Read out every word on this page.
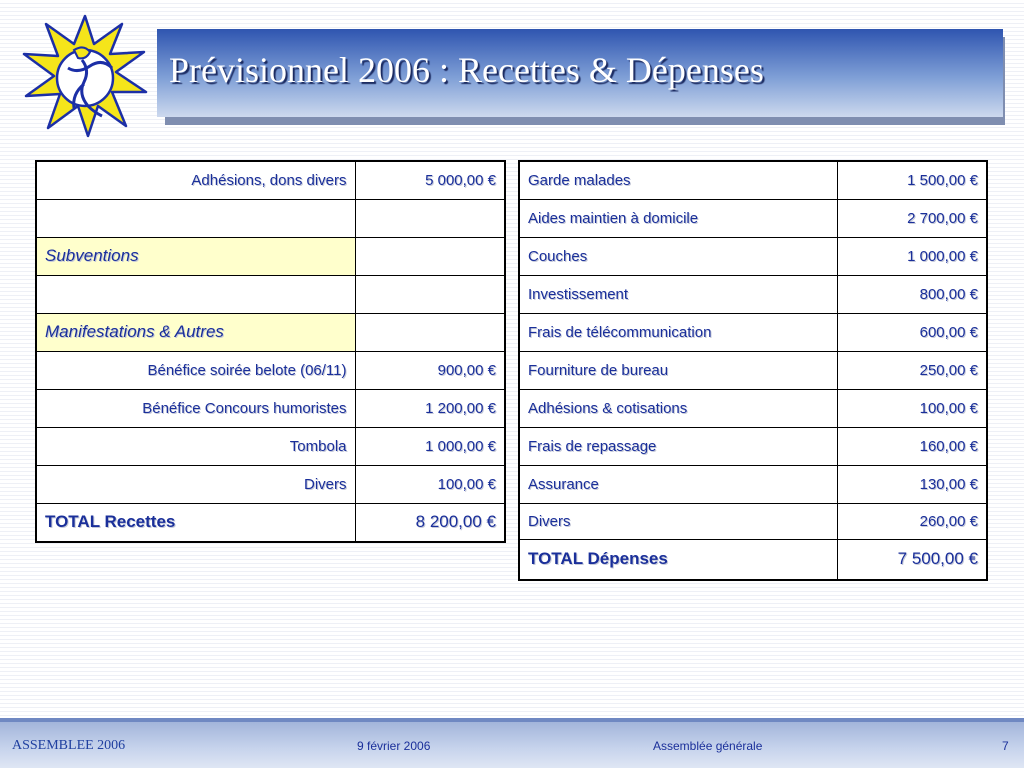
Prévisionnel 2006 : Recettes & Dépenses
Adhésions, dons divers	5 000,00 €

Subventions	

Manifestations & Autres	
Bénéfice soirée belote (06/11)	900,00 €
Bénéfice Concours humoristes	1 200,00 €
Tombola	1 000,00 €
Divers	100,00 €
TOTAL Recettes	8 200,00 €
Garde malades	1 500,00 €
Aides maintien à domicile	2 700,00 €
Couches	1 000,00 €
Investissement	800,00 €
Frais de télécommunication	600,00 €
Fourniture de bureau	250,00 €
Adhésions & cotisations	100,00 €
Frais de repassage	160,00 €
Assurance	130,00 €
Divers	260,00 €
TOTAL Dépenses	7 500,00 €
ASSEMBLEE 2006	9 février 2006	Assemblée générale	7
